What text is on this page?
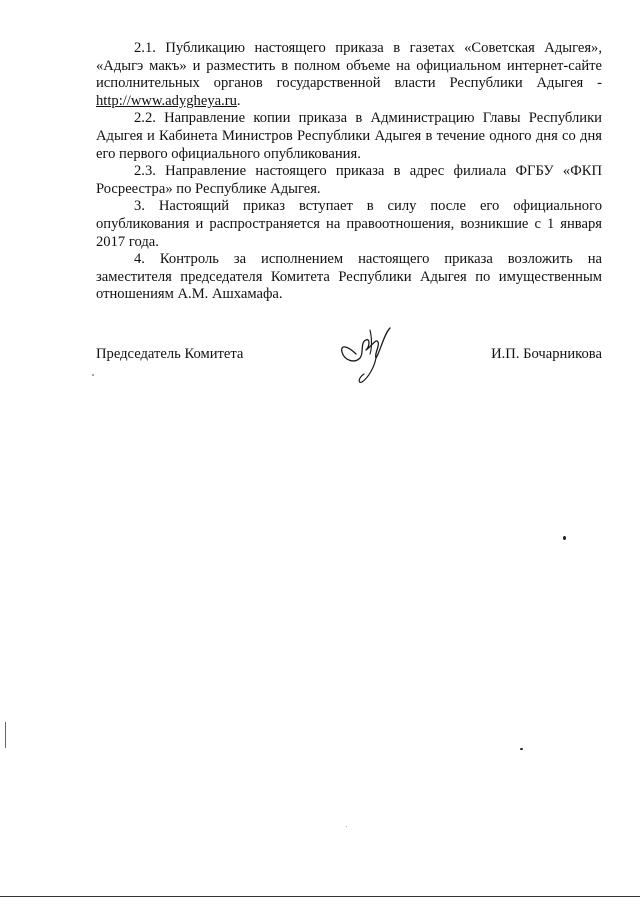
2.1. Публикацию настоящего приказа в газетах «Советская Адыгея», «Адыгэ макъ» и разместить в полном объеме на официальном интернет-сайте исполнительных органов государственной власти Республики Адыгея - http://www.adygheya.ru.

2.2. Направление копии приказа в Администрацию Главы Республики Адыгея и Кабинета Министров Республики Адыгея в течение одного дня со дня его первого официального опубликования.

2.3. Направление настоящего приказа в адрес филиала ФГБУ «ФКП Росреестра» по Республике Адыгея.

3. Настоящий приказ вступает в силу после его официального опубликования и распространяется на правоотношения, возникшие с 1 января 2017 года.

4. Контроль за исполнением настоящего приказа возложить на заместителя председателя Комитета Республики Адыгея по имущественным отношениям А.М. Ашхамафа.

Председатель Комитета	И.П. Бочарникова
